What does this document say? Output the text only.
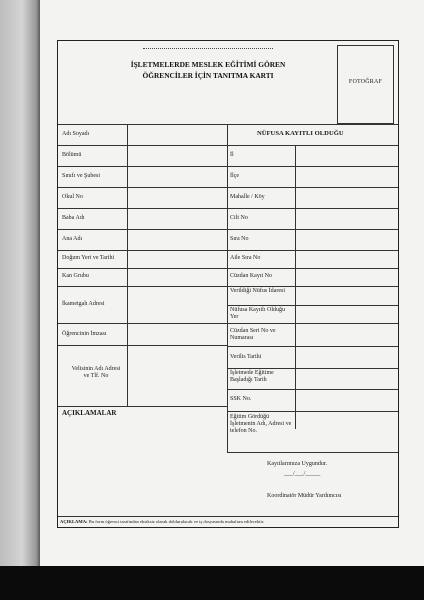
İŞLETMELERDE MESLEK EĞİTİMİ GÖREN
ÖĞRENCİLER İÇİN TANITMA KARTI
FOTOĞRAF
Adı Soyadı
Bölümü
Sınıfı ve Şubesi
Okul No
Baba Adı
Ana Adı
Doğum Yeri ve Tarihi
Kan Grubu
İkametgah Adresi
Öğrencinin İmzası
Velisinin Adı Adresi ve Tlf. No
NÜFUSA KAYITLI OLDUĞU
İl
İlçe
Mahalle / Köy
Cilt No
Sıra No
Aile Sıra No
Cüzdan Kayıt No
Verildiği Nüfus İdaresi
Nüfusa Kayıtlı Olduğu Yer
Cüzdan Seri No ve Numarası
Verilis Tarihi
İşletmede Eğitime Başladığı Tarih
SSK No.
Eğitim Gördüğü İşletmenin Adı, Adresi ve telefon No.
AÇIKLAMALAR
Kayıtlarımıza Uygundur.
___/___/_____
Koordinatör Müdür Yardımcısı
AÇIKLAMA: Bu form öğrenci tarafından eksiksiz olarak doldurulacak ve iş dosyasında muhafaza edilecektir.
